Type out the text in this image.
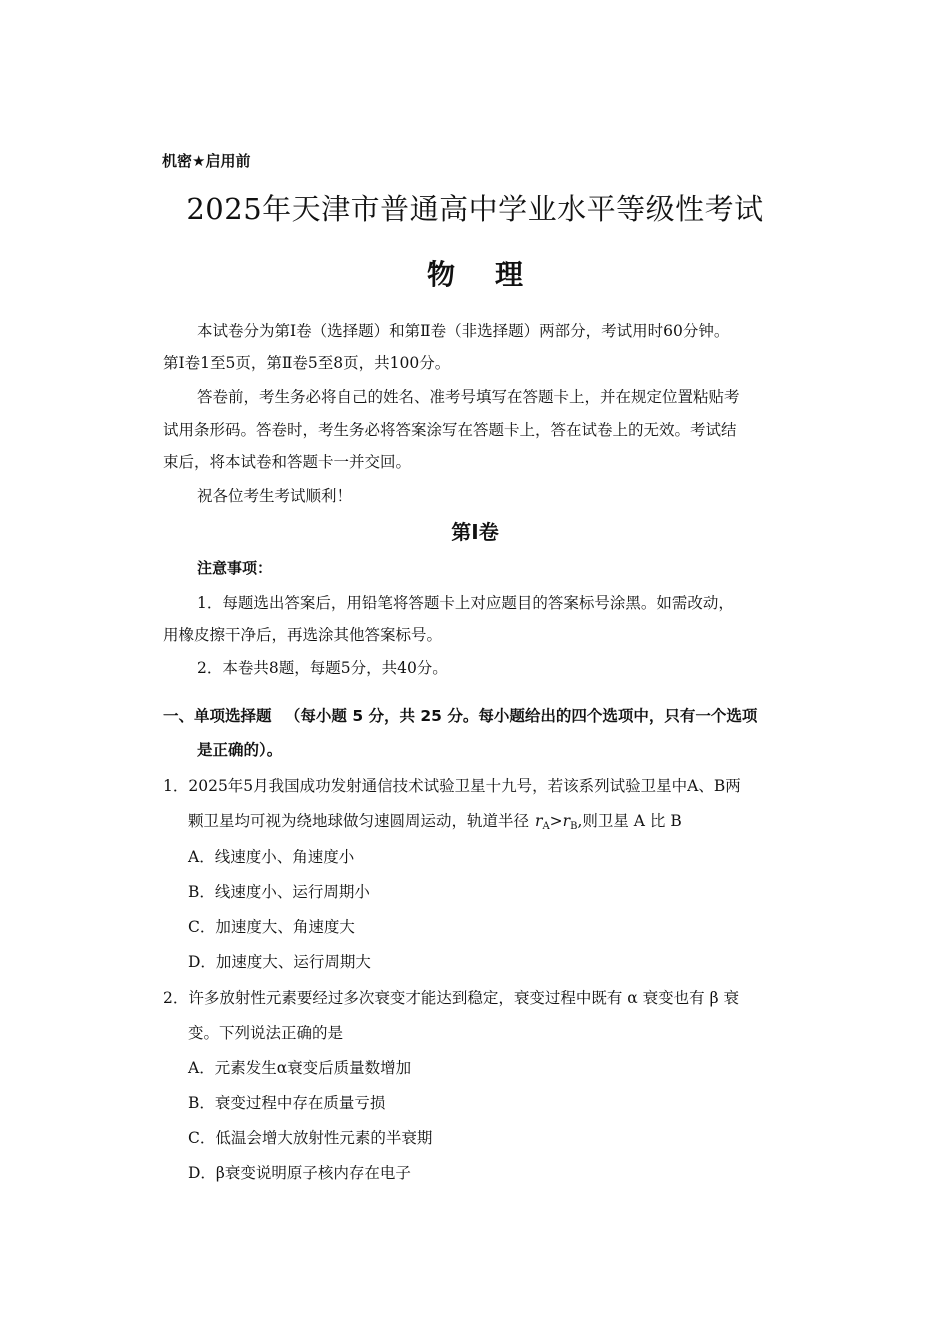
机密★启用前
2025年天津市普通高中学业水平等级性考试
物理
本试卷分为第Ⅰ卷（选择题）和第Ⅱ卷（非选择题）两部分，考试用时60分钟。
第Ⅰ卷1至5页，第Ⅱ卷5至8页，共100分。
答卷前，考生务必将自己的姓名、准考号填写在答题卡上，并在规定位置粘贴考
试用条形码。答卷时，考生务必将答案涂写在答题卡上，答在试卷上的无效。考试结
束后，将本试卷和答题卡一并交回。
祝各位考生考试顺利！
第Ⅰ卷
注意事项：
1．每题选出答案后，用铅笔将答题卡上对应题目的答案标号涂黑。如需改动，
用橡皮擦干净后，再选涂其他答案标号。
2．本卷共8题，每题5分，共40分。
一、单项选择题 （每小题 5 分，共 25 分。每小题给出的四个选项中，只有一个选项
是正确的）。
1．2025年5月我国成功发射通信技术试验卫星十九号，若该系列试验卫星中A、B两
颗卫星均可视为绕地球做匀速圆周运动，轨道半径 $r_A>r_B$,则卫星 A 比 B
A．线速度小、角速度小
B．线速度小、运行周期小
C．加速度大、角速度大
D．加速度大、运行周期大
2．许多放射性元素要经过多次衰变才能达到稳定，衰变过程中既有 α 衰变也有 β 衰
变。下列说法正确的是
A．元素发生α衰变后质量数增加
B．衰变过程中存在质量亏损
C．低温会增大放射性元素的半衰期
D．β衰变说明原子核内存在电子
